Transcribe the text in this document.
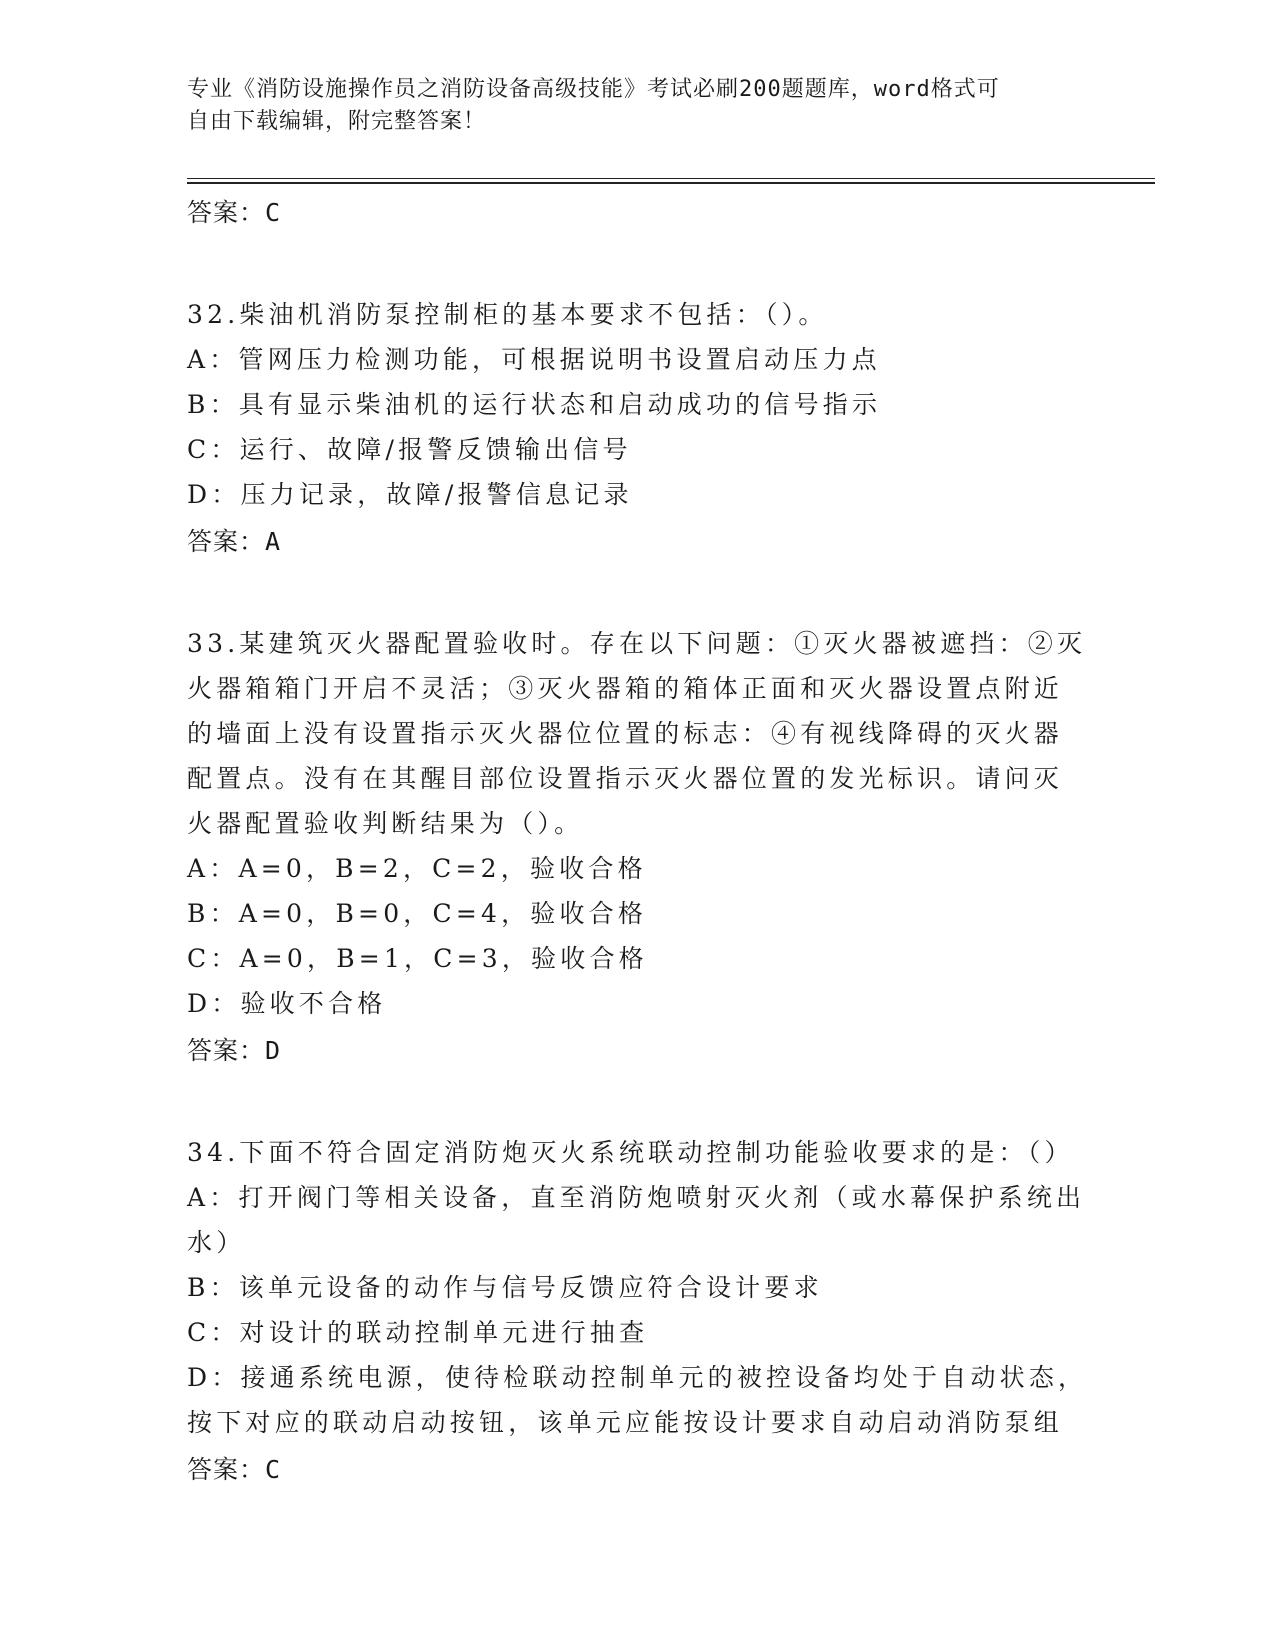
专业《消防设施操作员之消防设备高级技能》考试必刷200题题库，word格式可
自由下载编辑，附完整答案！
答案：C
32.柴油机消防泵控制柜的基本要求不包括：（）。
A：管网压力检测功能，可根据说明书设置启动压力点
B：具有显示柴油机的运行状态和启动成功的信号指示
C：运行、故障/报警反馈输出信号
D：压力记录，故障/报警信息记录
答案：A
33.某建筑灭火器配置验收时。存在以下问题：①灭火器被遮挡：②灭
火器箱箱门开启不灵活；③灭火器箱的箱体正面和灭火器设置点附近
的墙面上没有设置指示灭火器位位置的标志：④有视线降碍的灭火器
配置点。没有在其醒目部位设置指示灭火器位置的发光标识。请问灭
火器配置验收判断结果为（）。
A：A=0，B=2，C=2，验收合格
B：A=0，B=0，C=4，验收合格
C：A=0，B=1，C=3，验收合格
D：验收不合格
答案：D
34.下面不符合固定消防炮灭火系统联动控制功能验收要求的是：（）
A：打开阀门等相关设备，直至消防炮喷射灭火剂（或水幕保护系统出
水）
B：该单元设备的动作与信号反馈应符合设计要求
C：对设计的联动控制单元进行抽查
D：接通系统电源，使待检联动控制单元的被控设备均处于自动状态，
按下对应的联动启动按钮，该单元应能按设计要求自动启动消防泵组
答案：C
